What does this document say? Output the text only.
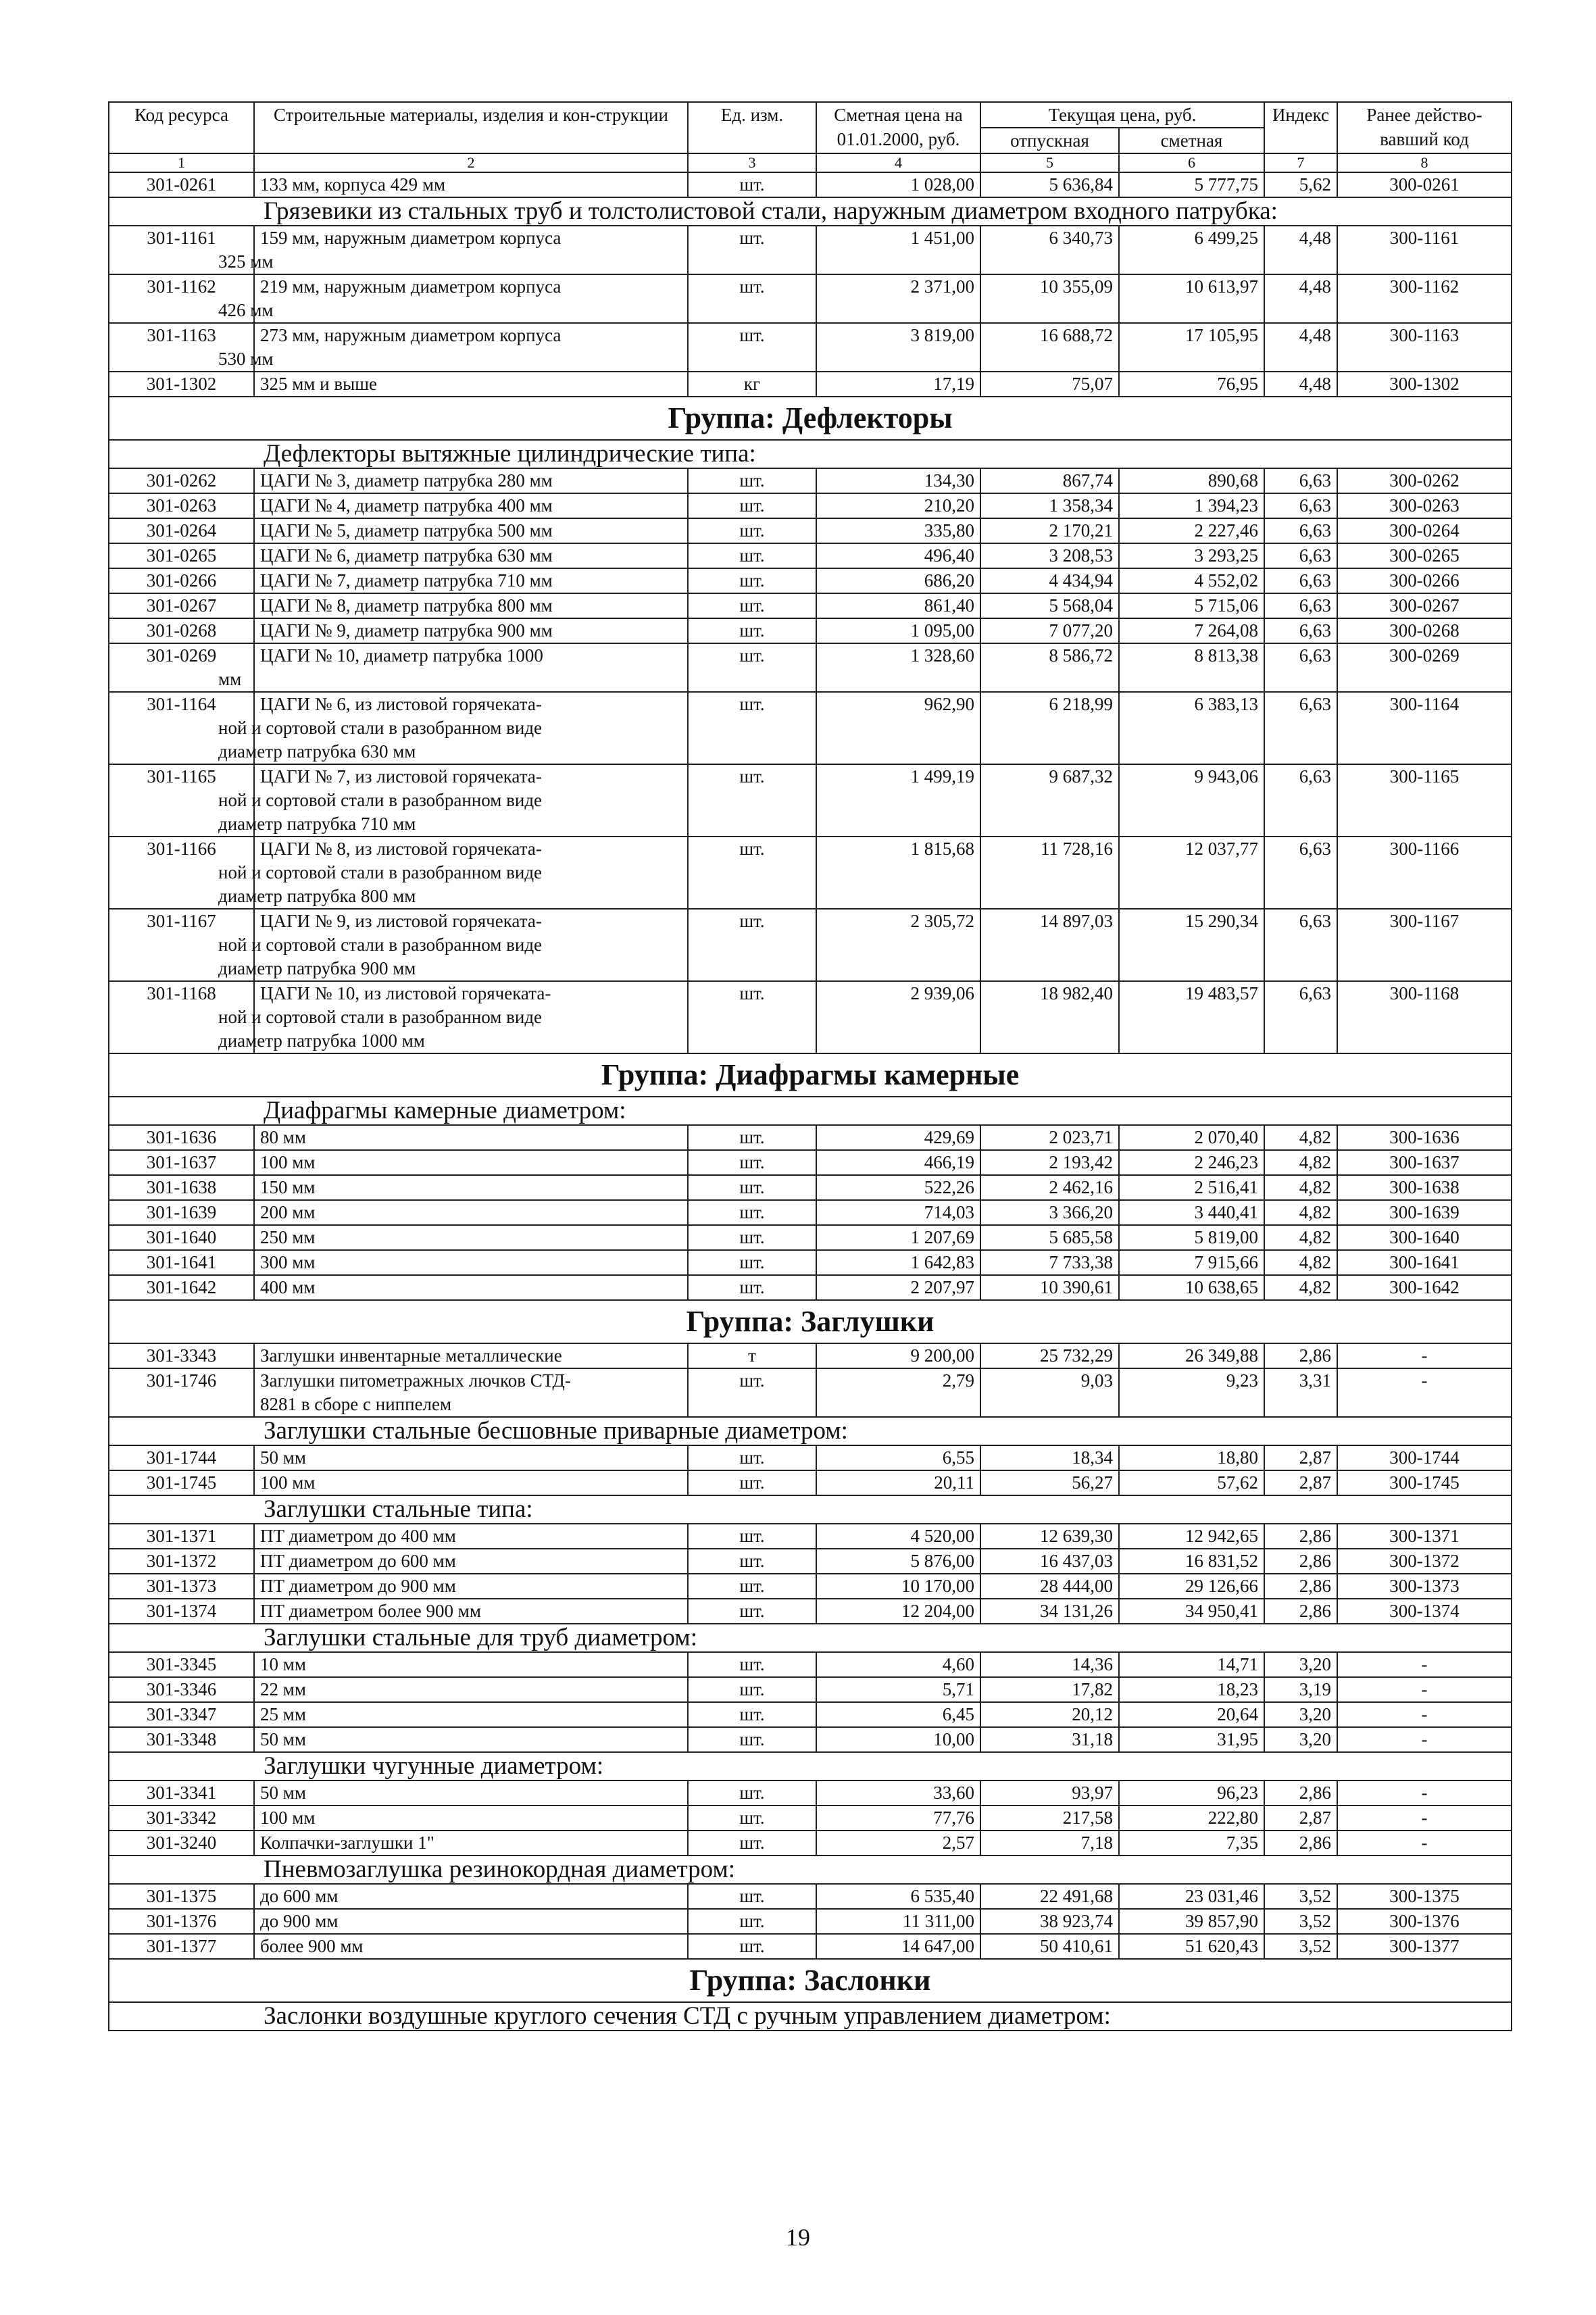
Код ресурса	Строительные материалы, изделия и кон-струкции	Ед. изм.	Сметная цена на 01.01.2000, руб.	Текущая цена, руб.		Индекс	Ранее действо-вавший код
				отпускная	сметная		
1	2	3	4	5	6	7	8
301-0261	133 мм, корпуса 429 мм	шт.	1 028,00	5 636,84	5 777,75	5,62	300-0261
Грязевики из стальных труб и толстолистовой стали, наружным диаметром входного патрубка:							
301-1161	159 мм, наружным диаметром корпуса
325 мм	шт.	1 451,00	6 340,73	6 499,25	4,48	300-1161
301-1162	219 мм, наружным диаметром корпуса
426 мм	шт.	2 371,00	10 355,09	10 613,97	4,48	300-1162
301-1163	273 мм, наружным диаметром корпуса
530 мм	шт.	3 819,00	16 688,72	17 105,95	4,48	300-1163
301-1302	325 мм и выше	кг	17,19	75,07	76,95	4,48	300-1302
Группа: Дефлекторы							
Дефлекторы вытяжные цилиндрические типа:							
301-0262	ЦАГИ № 3, диаметр патрубка 280 мм	шт.	134,30	867,74	890,68	6,63	300-0262
301-0263	ЦАГИ № 4, диаметр патрубка 400 мм	шт.	210,20	1 358,34	1 394,23	6,63	300-0263
301-0264	ЦАГИ № 5, диаметр патрубка 500 мм	шт.	335,80	2 170,21	2 227,46	6,63	300-0264
301-0265	ЦАГИ № 6, диаметр патрубка 630 мм	шт.	496,40	3 208,53	3 293,25	6,63	300-0265
301-0266	ЦАГИ № 7, диаметр патрубка 710 мм	шт.	686,20	4 434,94	4 552,02	6,63	300-0266
301-0267	ЦАГИ № 8, диаметр патрубка 800 мм	шт.	861,40	5 568,04	5 715,06	6,63	300-0267
301-0268	ЦАГИ № 9, диаметр патрубка 900 мм	шт.	1 095,00	7 077,20	7 264,08	6,63	300-0268
301-0269	ЦАГИ № 10, диаметр патрубка 1000
мм	шт.	1 328,60	8 586,72	8 813,38	6,63	300-0269
301-1164	ЦАГИ № 6, из листовой горячеката-
ной и сортовой стали в разобранном виде
диаметр патрубка 630 мм	шт.	962,90	6 218,99	6 383,13	6,63	300-1164
301-1165	ЦАГИ № 7, из листовой горячеката-
ной и сортовой стали в разобранном виде
диаметр патрубка 710 мм	шт.	1 499,19	9 687,32	9 943,06	6,63	300-1165
301-1166	ЦАГИ № 8, из листовой горячеката-
ной и сортовой стали в разобранном виде
диаметр патрубка 800 мм	шт.	1 815,68	11 728,16	12 037,77	6,63	300-1166
301-1167	ЦАГИ № 9, из листовой горячеката-
ной и сортовой стали в разобранном виде
диаметр патрубка 900 мм	шт.	2 305,72	14 897,03	15 290,34	6,63	300-1167
301-1168	ЦАГИ № 10, из листовой горячеката-
ной и сортовой стали в разобранном виде
диаметр патрубка 1000 мм	шт.	2 939,06	18 982,40	19 483,57	6,63	300-1168
Группа: Диафрагмы камерные							
Диафрагмы камерные диаметром:							
301-1636	80 мм	шт.	429,69	2 023,71	2 070,40	4,82	300-1636
301-1637	100 мм	шт.	466,19	2 193,42	2 246,23	4,82	300-1637
301-1638	150 мм	шт.	522,26	2 462,16	2 516,41	4,82	300-1638
301-1639	200 мм	шт.	714,03	3 366,20	3 440,41	4,82	300-1639
301-1640	250 мм	шт.	1 207,69	5 685,58	5 819,00	4,82	300-1640
301-1641	300 мм	шт.	1 642,83	7 733,38	7 915,66	4,82	300-1641
301-1642	400 мм	шт.	2 207,97	10 390,61	10 638,65	4,82	300-1642
Группа: Заглушки							
301-3343	Заглушки инвентарные металлические	т	9 200,00	25 732,29	26 349,88	2,86	-
301-1746	Заглушки питометражных лючков СТД-
8281 в сборе с ниппелем	шт.	2,79	9,03	9,23	3,31	-
Заглушки стальные бесшовные приварные диаметром:							
301-1744	50 мм	шт.	6,55	18,34	18,80	2,87	300-1744
301-1745	100 мм	шт.	20,11	56,27	57,62	2,87	300-1745
Заглушки стальные типа:							
301-1371	ПТ диаметром до 400 мм	шт.	4 520,00	12 639,30	12 942,65	2,86	300-1371
301-1372	ПТ диаметром до 600 мм	шт.	5 876,00	16 437,03	16 831,52	2,86	300-1372
301-1373	ПТ диаметром до 900 мм	шт.	10 170,00	28 444,00	29 126,66	2,86	300-1373
301-1374	ПТ диаметром более 900 мм	шт.	12 204,00	34 131,26	34 950,41	2,86	300-1374
Заглушки стальные для труб диаметром:							
301-3345	10 мм	шт.	4,60	14,36	14,71	3,20	-
301-3346	22 мм	шт.	5,71	17,82	18,23	3,19	-
301-3347	25 мм	шт.	6,45	20,12	20,64	3,20	-
301-3348	50 мм	шт.	10,00	31,18	31,95	3,20	-
Заглушки чугунные диаметром:							
301-3341	50 мм	шт.	33,60	93,97	96,23	2,86	-
301-3342	100 мм	шт.	77,76	217,58	222,80	2,87	-
301-3240	Колпачки-заглушки 1"	шт.	2,57	7,18	7,35	2,86	-
Пневмозаглушка резинокордная диаметром:							
301-1375	до 600 мм	шт.	6 535,40	22 491,68	23 031,46	3,52	300-1375
301-1376	до 900 мм	шт.	11 311,00	38 923,74	39 857,90	3,52	300-1376
301-1377	более 900 мм	шт.	14 647,00	50 410,61	51 620,43	3,52	300-1377
Группа: Заслонки							
Заслонки воздушные круглого сечения СТД с ручным управлением диаметром:							
19
